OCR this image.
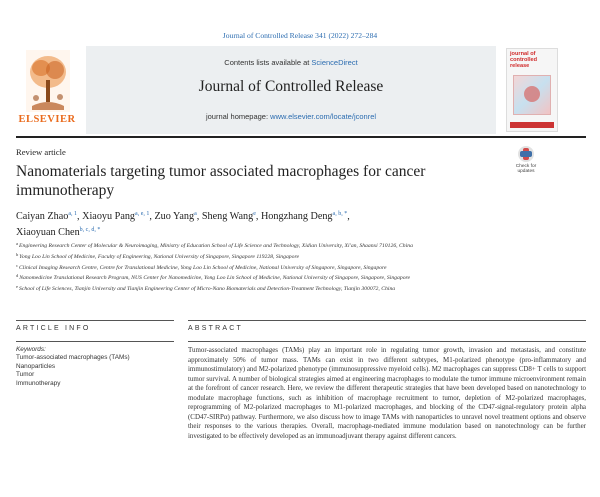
Journal of Controlled Release 341 (2022) 272–284
ELSEVIER
Contents lists available at ScienceDirect
Journal of Controlled Release
journal homepage: www.elsevier.com/locate/jconrel
journal of controlled release
Review article
Check for updates
Nanomaterials targeting tumor associated macrophages for cancer immunotherapy
Caiyan Zhao$^{a, 1}$, Xiaoyu Pang$^{a, e, 1}$, Zuo Yang$^a$, Sheng Wang$^e$, Hongzhang Deng$^{a, b, *}$,
Xiaoyuan Chen$^{b, c, d, *}$
$^a$Engineering Research Center of Molecular & Neuroimaging, Ministry of Education School of Life Science and Technology, Xidian University, Xi'an, Shaanxi 710126, China
$^b$Yong Loo Lin School of Medicine, Faculty of Engineering, National University of Singapore, Singapore 119228, Singapore
$^c$Clinical Imaging Research Centre, Centre for Translational Medicine, Yong Loo Lin School of Medicine, National University of Singapore, Singapore, Singapore
$^d$Nanomedicine Translational Research Program, NUS Center for Nanomedicine, Yong Loo Lin School of Medicine, National University of Singapore, Singapore, Singapore
$^e$School of Life Sciences, Tianjin University and Tianjin Engineering Center of Micro-Nano Biomaterials and Detection-Treatment Technology, Tianjin 300072, China
ARTICLE INFO	ABSTRACT
Keywords:
Tumor-associated macrophages (TAMs)
Nanoparticles
Tumor
Immunotherapy

Tumor-associated macrophages (TAMs) play an important role in regulating tumor growth, invasion and metastasis, and constitute approximately 50% of tumor mass. TAMs can exist in two different subtypes, M1-polarized phenotype (pro-inflammatory and immunostimulatory) and M2-polarized phenotype (immunosuppressive myeloid cells). M2 macrophages can suppress CD8+ T cells to support tumor survival. A number of biological strategies aimed at engineering macrophages to modulate the tumor immune microenvironment remain at the forefront of cancer research. Here, we review the different therapeutic strategies that have been developed based on nanotechnology to modulate macrophage functions, such as inhibition of macrophage recruitment to tumor, depletion of M2-polarized macrophages, reprogramming of M2-polarized macrophages to M1-polarized macrophages, and blocking of the CD47-signal-regulatory protein alpha (CD47-SIRPα) pathway. Furthermore, we also discuss how to image TAMs with nanoparticles to unravel novel treatment options and observe their responses to the various therapies. Overall, macrophage-mediated immune modulation based on nanotechnology can be further investigated to be effectively developed as an immunoadjuvant therapy against different cancers.
